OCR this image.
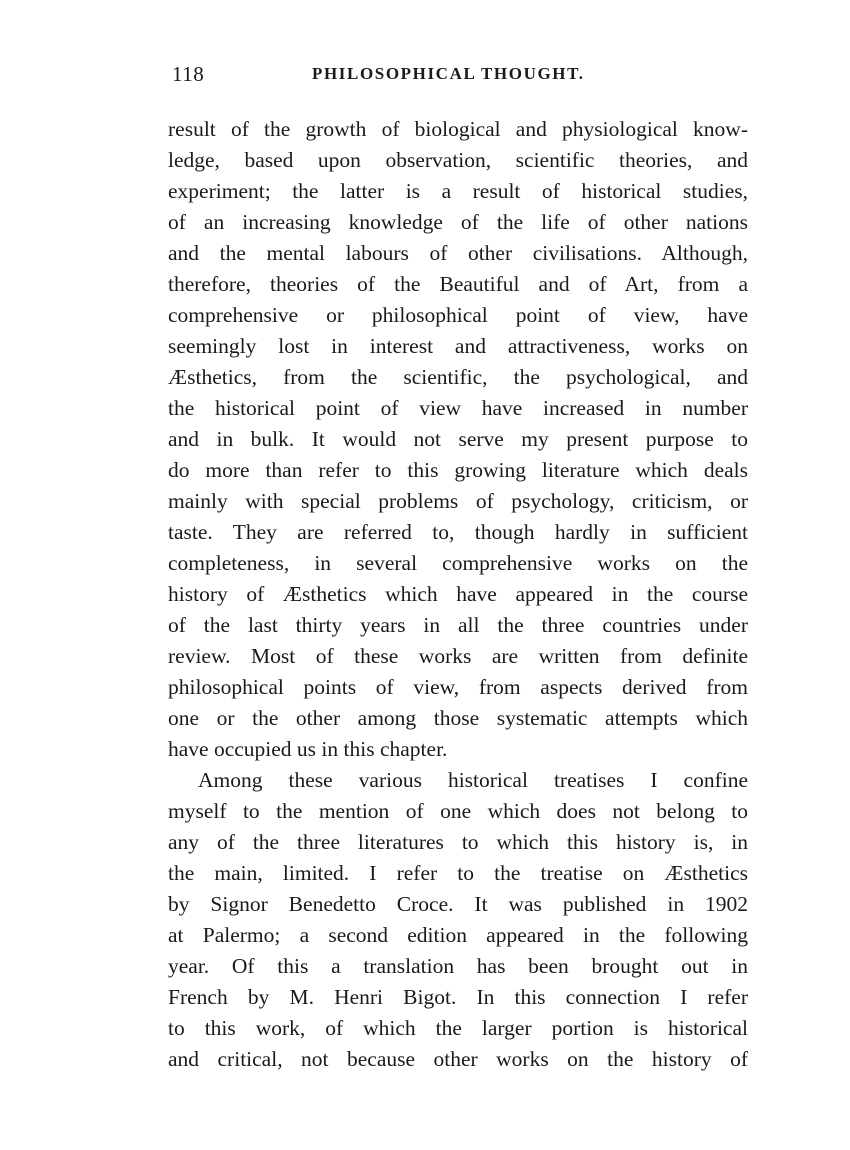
118	PHILOSOPHICAL THOUGHT.
result of the growth of biological and physiological know-
ledge, based upon observation, scientific theories, and
experiment; the latter is a result of historical studies,
of an increasing knowledge of the life of other nations
and the mental labours of other civilisations. Although,
therefore, theories of the Beautiful and of Art, from a
comprehensive or philosophical point of view, have
seemingly lost in interest and attractiveness, works on
Æsthetics, from the scientific, the psychological, and
the historical point of view have increased in number
and in bulk. It would not serve my present purpose to
do more than refer to this growing literature which deals
mainly with special problems of psychology, criticism, or
taste. They are referred to, though hardly in sufficient
completeness, in several comprehensive works on the
history of Æsthetics which have appeared in the course
of the last thirty years in all the three countries under
review. Most of these works are written from definite
philosophical points of view, from aspects derived from
one or the other among those systematic attempts which
have occupied us in this chapter.
Among these various historical treatises I confine
myself to the mention of one which does not belong to
any of the three literatures to which this history is, in
the main, limited. I refer to the treatise on Æsthetics
by Signor Benedetto Croce. It was published in 1902
at Palermo; a second edition appeared in the following
year. Of this a translation has been brought out in
French by M. Henri Bigot. In this connection I refer
to this work, of which the larger portion is historical
and critical, not because other works on the history of
